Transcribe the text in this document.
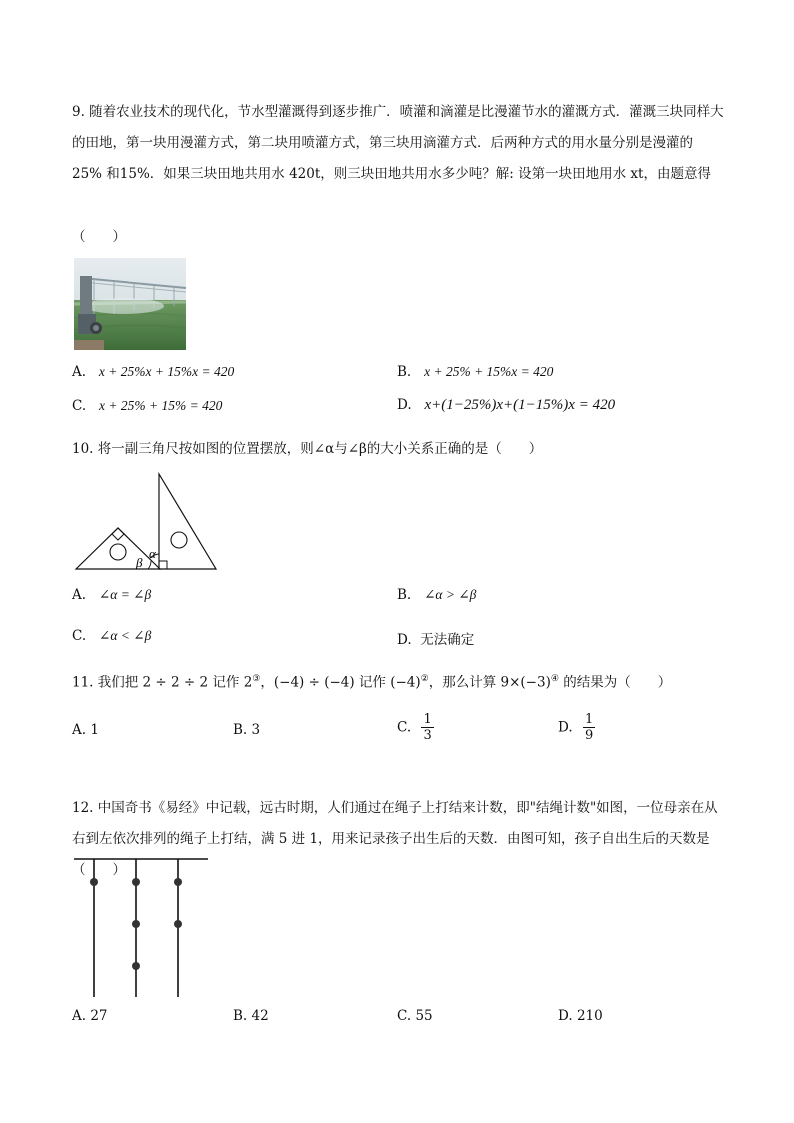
9. 随着农业技术的现代化，节水型灌溉得到逐步推广．喷灌和滴灌是比漫灌节水的灌溉方式．灌溉三块同样大的田地，第一块用漫灌方式，第二块用喷灌方式，第三块用滴灌方式．后两种方式的用水量分别是漫灌的 25% 和15%．如果三块田地共用水 420t，则三块田地共用水多少吨？解: 设第一块田地用水 xt，由题意得
（　　）
A. x + 25%x + 15%x = 420	B. x + 25% + 15%x = 420
C. x + 25% + 15% = 420	D. x+(1−25%)x+(1−15%)x = 420
10. 将一副三角尺按如图的位置摆放，则∠α与∠β的大小关系正确的是（　　）
β
α
A. ∠α = ∠β	B. ∠α > ∠β
C. ∠α < ∠β	D. 无法确定
11. 我们把 2 ÷ 2 ÷ 2 记作 2③，(−4) ÷ (−4) 记作 (−4)②，那么计算 9×(−3)④ 的结果为（　　）
A. 1	B. 3	C. $\frac{1}{3}$	D. $\frac{1}{9}$
12. 中国奇书《易经》中记载，远古时期，人们通过在绳子上打结来计数，即"结绳计数"如图，一位母亲在从右到左依次排列的绳子上打结，满 5 进 1，用来记录孩子出生后的天数．由图可知，孩子自出生后的天数是（　　）
A. 27	B. 42	C. 55	D. 210
